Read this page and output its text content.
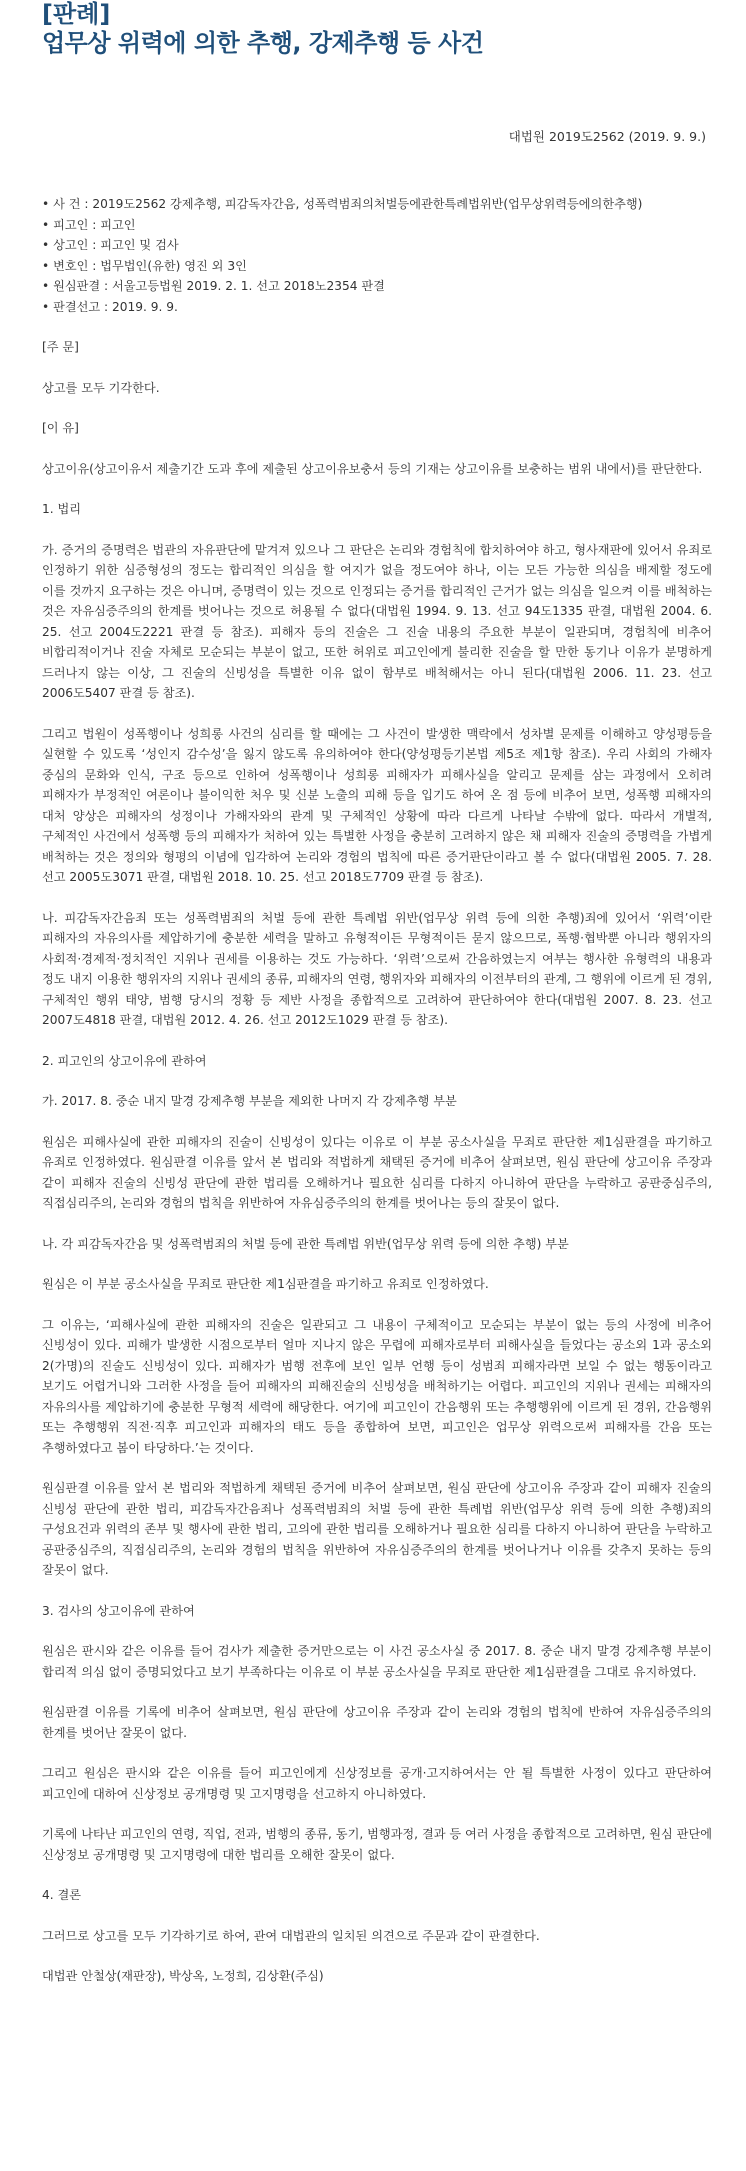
[판례]
업무상 위력에 의한 추행, 강제추행 등 사건
대법원 2019도2562 (2019. 9. 9.)
• 사 건 : 2019도2562 강제추행, 피감독자간음, 성폭력범죄의처벌등에관한특례법위반(업무상위력등에의한추행)
• 피고인 : 피고인
• 상고인 : 피고인 및 검사
• 변호인 : 법무법인(유한) 영진 외 3인
• 원심판결 : 서울고등법원 2019. 2. 1. 선고 2018노2354 판결
• 판결선고 : 2019. 9. 9.

[주 문]

상고를 모두 기각한다.

[이 유]

상고이유(상고이유서 제출기간 도과 후에 제출된 상고이유보충서 등의 기재는 상고이유를 보충하는 범위 내에서)를 판단한다.

1. 법리

가. 증거의 증명력은 법관의 자유판단에 맡겨져 있으나 그 판단은 논리와 경험칙에 합치하여야 하고, 형사재판에 있어서 유죄로 인정하기 위한 심증형성의 정도는 합리적인 의심을 할 여지가 없을 정도여야 하나, 이는 모든 가능한 의심을 배제할 정도에 이를 것까지 요구하는 것은 아니며, 증명력이 있는 것으로 인정되는 증거를 합리적인 근거가 없는 의심을 일으켜 이를 배척하는 것은 자유심증주의의 한계를 벗어나는 것으로 허용될 수 없다(대법원 1994. 9. 13. 선고 94도1335 판결, 대법원 2004. 6. 25. 선고 2004도2221 판결 등 참조). 피해자 등의 진술은 그 진술 내용의 주요한 부분이 일관되며, 경험칙에 비추어 비합리적이거나 진술 자체로 모순되는 부분이 없고, 또한 허위로 피고인에게 불리한 진술을 할 만한 동기나 이유가 분명하게 드러나지 않는 이상, 그 진술의 신빙성을 특별한 이유 없이 함부로 배척해서는 아니 된다(대법원 2006. 11. 23. 선고 2006도5407 판결 등 참조).

그리고 법원이 성폭행이나 성희롱 사건의 심리를 할 때에는 그 사건이 발생한 맥락에서 성차별 문제를 이해하고 양성평등을 실현할 수 있도록 ‘성인지 감수성’을 잃지 않도록 유의하여야 한다(양성평등기본법 제5조 제1항 참조). 우리 사회의 가해자 중심의 문화와 인식, 구조 등으로 인하여 성폭행이나 성희롱 피해자가 피해사실을 알리고 문제를 삼는 과정에서 오히려 피해자가 부정적인 여론이나 불이익한 처우 및 신분 노출의 피해 등을 입기도 하여 온 점 등에 비추어 보면, 성폭행 피해자의 대처 양상은 피해자의 성정이나 가해자와의 관계 및 구체적인 상황에 따라 다르게 나타날 수밖에 없다. 따라서 개별적, 구체적인 사건에서 성폭행 등의 피해자가 처하여 있는 특별한 사정을 충분히 고려하지 않은 채 피해자 진술의 증명력을 가볍게 배척하는 것은 정의와 형평의 이념에 입각하여 논리와 경험의 법칙에 따른 증거판단이라고 볼 수 없다(대법원 2005. 7. 28. 선고 2005도3071 판결, 대법원 2018. 10. 25. 선고 2018도7709 판결 등 참조).

나. 피감독자간음죄 또는 성폭력범죄의 처벌 등에 관한 특례법 위반(업무상 위력 등에 의한 추행)죄에 있어서 ‘위력’이란 피해자의 자유의사를 제압하기에 충분한 세력을 말하고 유형적이든 무형적이든 묻지 않으므로, 폭행·협박뿐 아니라 행위자의 사회적·경제적·정치적인 지위나 권세를 이용하는 것도 가능하다. ‘위력’으로써 간음하였는지 여부는 행사한 유형력의 내용과 정도 내지 이용한 행위자의 지위나 권세의 종류, 피해자의 연령, 행위자와 피해자의 이전부터의 관계, 그 행위에 이르게 된 경위, 구체적인 행위 태양, 범행 당시의 정황 등 제반 사정을 종합적으로 고려하여 판단하여야 한다(대법원 2007. 8. 23. 선고 2007도4818 판결, 대법원 2012. 4. 26. 선고 2012도1029 판결 등 참조).

2. 피고인의 상고이유에 관하여

가. 2017. 8. 중순 내지 말경 강제추행 부분을 제외한 나머지 각 강제추행 부분

원심은 피해사실에 관한 피해자의 진술이 신빙성이 있다는 이유로 이 부분 공소사실을 무죄로 판단한 제1심판결을 파기하고 유죄로 인정하였다. 원심판결 이유를 앞서 본 법리와 적법하게 채택된 증거에 비추어 살펴보면, 원심 판단에 상고이유 주장과 같이 피해자 진술의 신빙성 판단에 관한 법리를 오해하거나 필요한 심리를 다하지 아니하여 판단을 누락하고 공판중심주의, 직접심리주의, 논리와 경험의 법칙을 위반하여 자유심증주의의 한계를 벗어나는 등의 잘못이 없다.

나. 각 피감독자간음 및 성폭력범죄의 처벌 등에 관한 특례법 위반(업무상 위력 등에 의한 추행) 부분

원심은 이 부분 공소사실을 무죄로 판단한 제1심판결을 파기하고 유죄로 인정하였다.

그 이유는, ‘피해사실에 관한 피해자의 진술은 일관되고 그 내용이 구체적이고 모순되는 부분이 없는 등의 사정에 비추어 신빙성이 있다. 피해가 발생한 시점으로부터 얼마 지나지 않은 무렵에 피해자로부터 피해사실을 들었다는 공소외 1과 공소외 2(가명)의 진술도 신빙성이 있다. 피해자가 범행 전후에 보인 일부 언행 등이 성범죄 피해자라면 보일 수 없는 행동이라고 보기도 어렵거니와 그러한 사정을 들어 피해자의 피해진술의 신빙성을 배척하기는 어렵다. 피고인의 지위나 권세는 피해자의 자유의사를 제압하기에 충분한 무형적 세력에 해당한다. 여기에 피고인이 간음행위 또는 추행행위에 이르게 된 경위, 간음행위 또는 추행행위 직전·직후 피고인과 피해자의 태도 등을 종합하여 보면, 피고인은 업무상 위력으로써 피해자를 간음 또는 추행하였다고 봄이 타당하다.’는 것이다.

원심판결 이유를 앞서 본 법리와 적법하게 채택된 증거에 비추어 살펴보면, 원심 판단에 상고이유 주장과 같이 피해자 진술의 신빙성 판단에 관한 법리, 피감독자간음죄나 성폭력범죄의 처벌 등에 관한 특례법 위반(업무상 위력 등에 의한 추행)죄의 구성요건과 위력의 존부 및 행사에 관한 법리, 고의에 관한 법리를 오해하거나 필요한 심리를 다하지 아니하여 판단을 누락하고 공판중심주의, 직접심리주의, 논리와 경험의 법칙을 위반하여 자유심증주의의 한계를 벗어나거나 이유를 갖추지 못하는 등의 잘못이 없다.

3. 검사의 상고이유에 관하여

원심은 판시와 같은 이유를 들어 검사가 제출한 증거만으로는 이 사건 공소사실 중 2017. 8. 중순 내지 말경 강제추행 부분이 합리적 의심 없이 증명되었다고 보기 부족하다는 이유로 이 부분 공소사실을 무죄로 판단한 제1심판결을 그대로 유지하였다.

원심판결 이유를 기록에 비추어 살펴보면, 원심 판단에 상고이유 주장과 같이 논리와 경험의 법칙에 반하여 자유심증주의의 한계를 벗어난 잘못이 없다.

그리고 원심은 판시와 같은 이유를 들어 피고인에게 신상정보를 공개·고지하여서는 안 될 특별한 사정이 있다고 판단하여 피고인에 대하여 신상정보 공개명령 및 고지명령을 선고하지 아니하였다.

기록에 나타난 피고인의 연령, 직업, 전과, 범행의 종류, 동기, 범행과정, 결과 등 여러 사정을 종합적으로 고려하면, 원심 판단에 신상정보 공개명령 및 고지명령에 대한 법리를 오해한 잘못이 없다.

4. 결론

그러므로 상고를 모두 기각하기로 하여, 관여 대법관의 일치된 의견으로 주문과 같이 판결한다.

대법관 안철상(재판장), 박상옥, 노정희, 김상환(주심)
